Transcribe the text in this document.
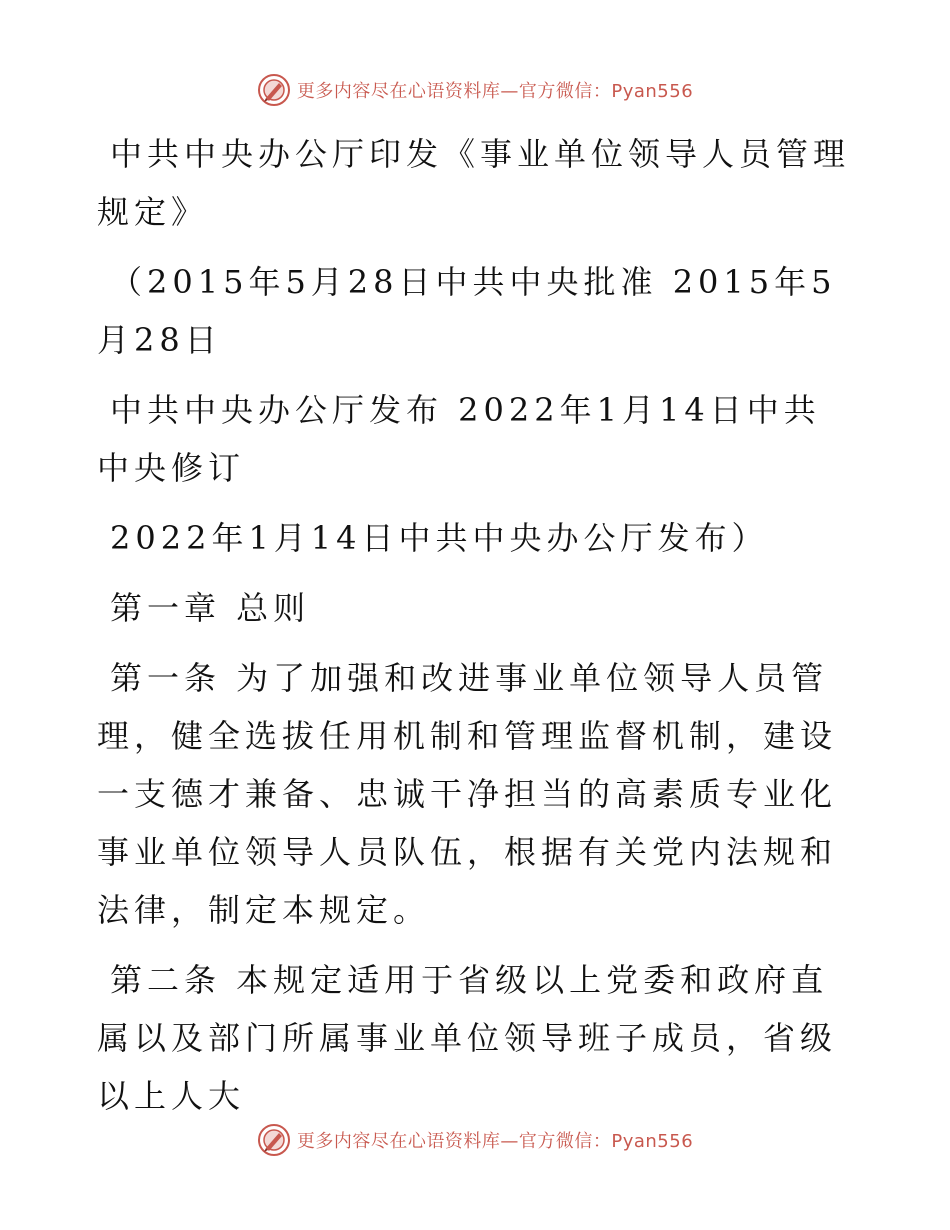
更多内容尽在心语资料库—官方微信：Pyan556

中共中央办公厅印发《事业单位领导人员管理规定》

（2015年5月28日中共中央批准 2015年5月28日

中共中央办公厅发布 2022年1月14日中共中央修订

2022年1月14日中共中央办公厅发布）

第一章 总则

第一条 为了加强和改进事业单位领导人员管理，健全选拔任用机制和管理监督机制，建设一支德才兼备、忠诚干净担当的高素质专业化事业单位领导人员队伍，根据有关党内法规和法律，制定本规定。

第二条 本规定适用于省级以上党委和政府直属以及部门所属事业单位领导班子成员，省级以上人大

更多内容尽在心语资料库—官方微信：Pyan556
